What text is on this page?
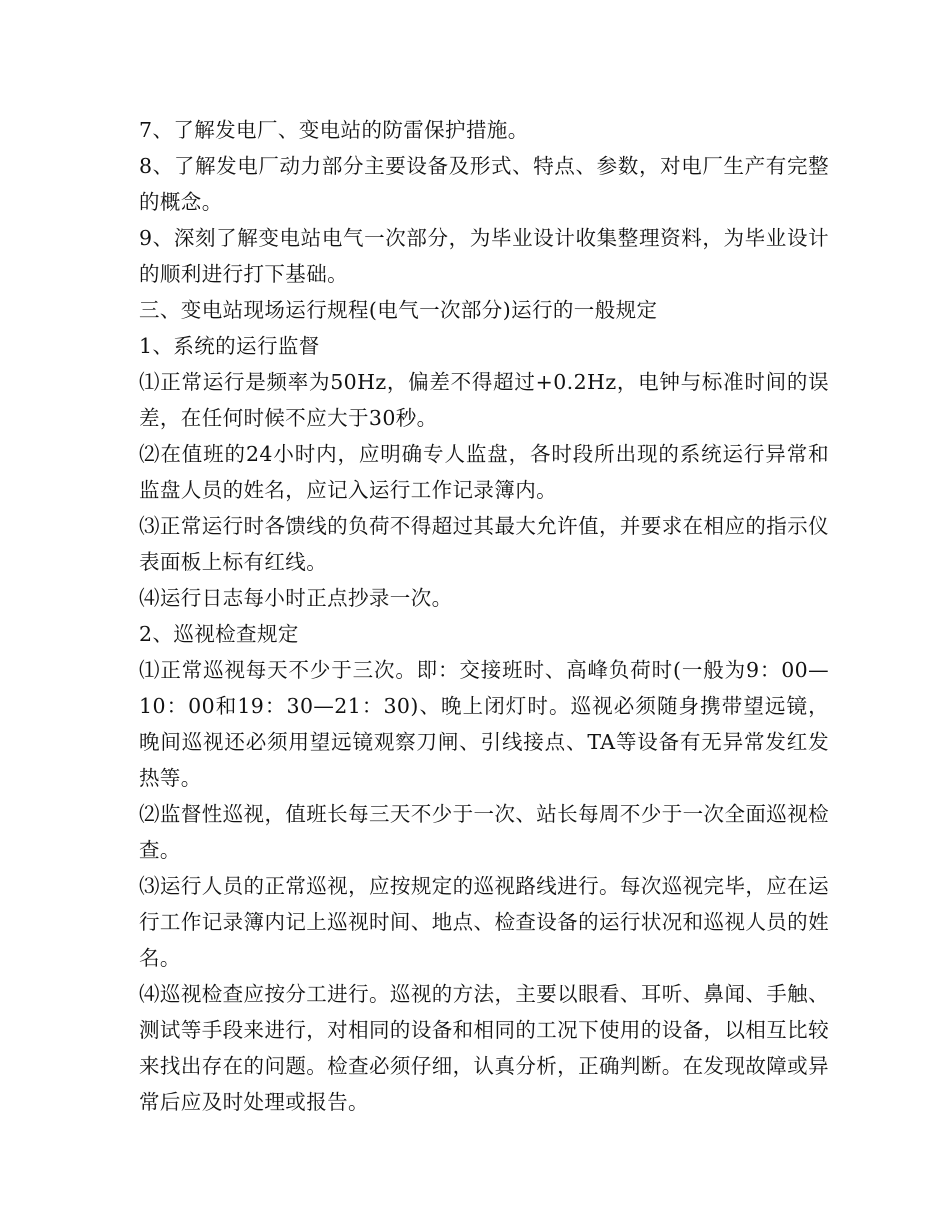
7、了解发电厂、变电站的防雷保护措施。

8、了解发电厂动力部分主要设备及形式、特点、参数，对电厂生产有完整的概念。

9、深刻了解变电站电气一次部分，为毕业设计收集整理资料，为毕业设计的顺利进行打下基础。

三、变电站现场运行规程(电气一次部分)运行的一般规定

1、系统的运行监督

⑴正常运行是频率为50Hz，偏差不得超过+0.2Hz，电钟与标准时间的误差，在任何时候不应大于30秒。

⑵在值班的24小时内，应明确专人监盘，各时段所出现的系统运行异常和监盘人员的姓名，应记入运行工作记录簿内。

⑶正常运行时各馈线的负荷不得超过其最大允许值，并要求在相应的指示仪表面板上标有红线。

⑷运行日志每小时正点抄录一次。

2、巡视检查规定

⑴正常巡视每天不少于三次。即：交接班时、高峰负荷时(一般为9：00—10：00和19：30—21：30)、晚上闭灯时。巡视必须随身携带望远镜，晚间巡视还必须用望远镜观察刀闸、引线接点、TA等设备有无异常发红发热等。

⑵监督性巡视，值班长每三天不少于一次、站长每周不少于一次全面巡视检查。

⑶运行人员的正常巡视，应按规定的巡视路线进行。每次巡视完毕，应在运行工作记录簿内记上巡视时间、地点、检查设备的运行状况和巡视人员的姓名。

⑷巡视检查应按分工进行。巡视的方法，主要以眼看、耳听、鼻闻、手触、测试等手段来进行，对相同的设备和相同的工况下使用的设备，以相互比较来找出存在的问题。检查必须仔细，认真分析，正确判断。在发现故障或异常后应及时处理或报告。
